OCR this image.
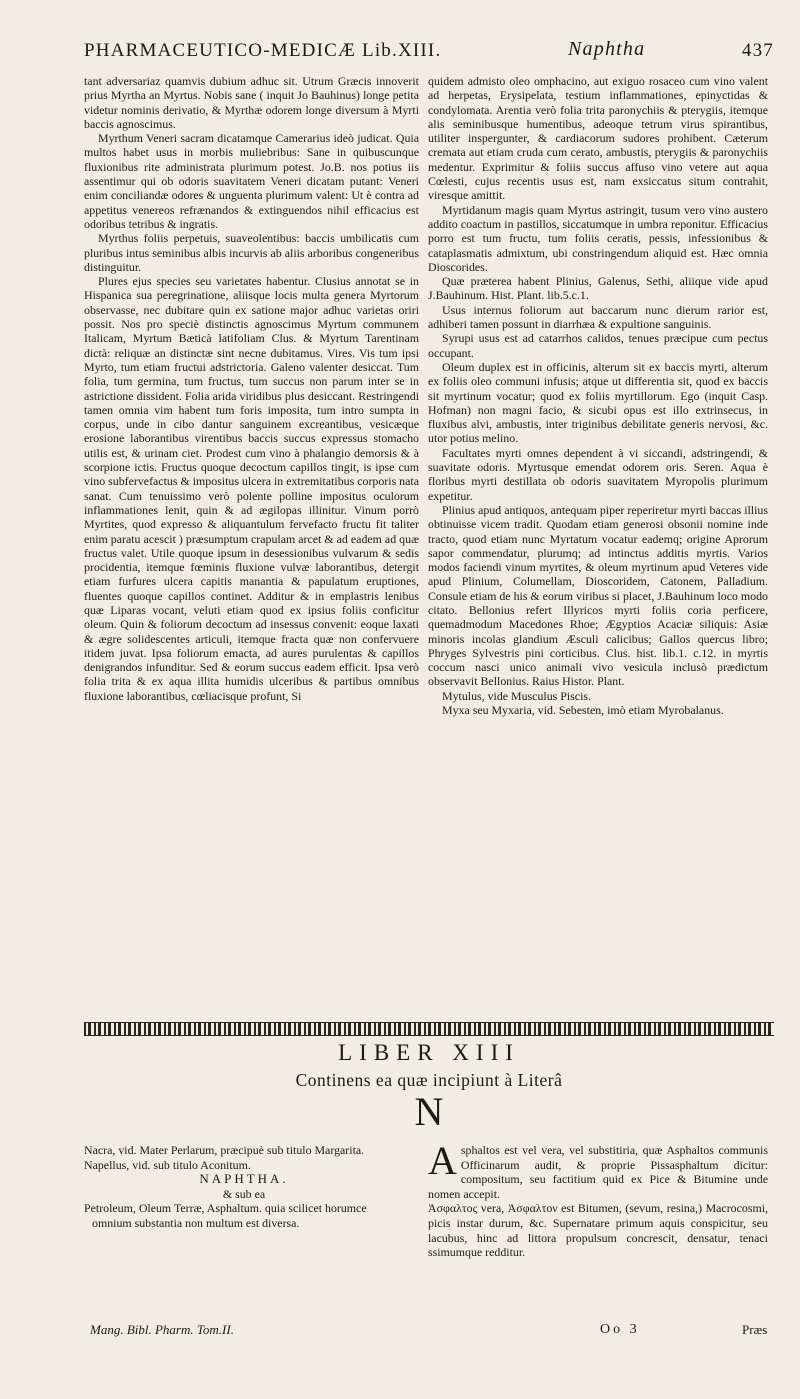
PHARMACEUTICO-MEDICÆ Lib.XIII.	Naphtha	437

tant adversariaz quamvis dubium adhuc sit. Utrum Græcis innoverit prius Myrtha an Myrtus. Nobis sane ( inquit Jo Bauhinus) longe petita videtur nominis derivatio, & Myrthæ odorem longe diversum à Myrti baccis agnoscimus.

Myrthum Veneri sacram dicatamque Camerarius ideò judicat. Quia multos habet usus in morbis muliebribus: Sane in quibuscunque fluxionibus rite administrata plurimum potest. Jo.B. nos potius iis assentimur qui ob odoris suavitatem Veneri dicatam putant: Veneri enim conciliandæ odores & unguenta plurimum valent: Ut è contra ad appetitus venereos refrænandos & extinguendos nihil efficacius est odoribus tetribus & ingratis.

Myrthus foliis perpetuis, suaveolentibus: baccis umbilicatis cum pluribus intus seminibus albis incurvis ab aliis arboribus congeneribus distinguitur.

Plures ejus species seu varietates habentur. Clusius annotat se in Hispanica sua peregrinatione, aliisque locis multa genera Myrtorum observasse, nec dubitare quin ex satione major adhuc varietas oriri possit. Nos pro speciè distinctis agnoscimus Myrtum communem Italicam, Myrtum Bæticà latifoliam Clus. & Myrtum Tarentinam dictà: reliquæ an distinctæ sint necne dubitamus. Vires. Vis tum ipsi Myrto, tum etiam fructui adstrictoria. Galeno valenter desiccat. Tum folia, tum germina, tum fructus, tum succus non parum inter se in astrictione dissident. Folia arida viridibus plus desiccant. Restringendi tamen omnia vim habent tum foris imposita, tum intro sumpta in corpus, unde in cibo dantur sanguinem excreantibus, vesicæque erosione laborantibus virentibus baccis succus expressus stomacho utilis est, & urinam ciet. Prodest cum vino à phalangio demorsis & à scorpione ictis. Fructus quoque decoctum capillos tingit, is ipse cum vino subfervefactus & impositus ulcera in extremitatibus corporis nata sanat. Cum tenuissimo verò polente polline impositus oculorum inflammationes lenit, quin & ad ægilopas illinitur. Vinum porrò Myrtites, quod expresso & aliquantulum fervefacto fructu fit taliter enim paratu acescit ) præsumptum crapulam arcet & ad eadem ad quæ fructus valet. Utile quoque ipsum in desessionibus vulvarum & sedis procidentia, itemque fœminis fluxione vulvæ laborantibus, detergit etiam furfures ulcera capitis manantia & papulatum eruptiones, fluentes quoque capillos continet. Additur & in emplastris lenibus quæ Liparas vocant, veluti etiam quod ex ipsius foliis conficitur oleum. Quin & foliorum decoctum ad insessus convenit: eoque laxati & ægre solidescentes articuli, itemque fracta quæ non confervuere itidem juvat. Ipsa foliorum emacta, ad aures purulentas & capillos denigrandos infunditur. Sed & eorum succus eadem efficit. Ipsa verò folia trita & ex aqua illita humidis ulceribus & partibus omnibus fluxione laborantibus, cœliacisque profunt, Si

quidem admisto oleo omphacino, aut exiguo rosaceo cum vino valent ad herpetas, Erysipelata, testium inflammationes, epinyctidas & condylomata. Arentia verò folia trita paronychiis & pterygiis, itemque alis seminibusque humentibus, adeoque tetrum virus spirantibus, utiliter inspergunter, & cardiacorum sudores prohibent. Cæterum cremata aut etiam cruda cum cerato, ambustis, pterygiis & paronychiis medentur. Exprimitur & foliis succus affuso vino vetere aut aqua Cœlesti, cujus recentis usus est, nam exsiccatus situm contrahit, viresque amittit.

Myrtidanum magis quam Myrtus astringit, tusum vero vino austero addito coactum in pastillos, siccatumque in umbra reponitur. Efficacius porro est tum fructu, tum foliis ceratis, pessis, infessionibus & cataplasmatis admixtum, ubi constringendum aliquid est. Hæc omnia Dioscorides.

Quæ præterea habent Plinius, Galenus, Sethi, aliique vide apud J.Bauhinum. Hist. Plant. lib.5.c.1.

Usus internus foliorum aut baccarum nunc dierum rarior est, adhiberi tamen possunt in diarrhæa & expultione sanguinis.

Syrupi usus est ad catarrhos calidos, tenues præcipue cum pectus occupant.

Oleum duplex est in officinis, alterum sit ex baccis myrti, alterum ex foliis oleo communi infusis; atque ut differentia sit, quod ex baccis sit myrtinum vocatur; quod ex foliis myrtillorum. Ego (inquit Casp. Hofman) non magni facio, & sicubi opus est illo extrinsecus, in fluxibus alvi, ambustis, inter triginibus debilitate generis nervosi, &c. utor potius melino.

Facultates myrti omnes dependent à vi siccandi, adstringendi, & suavitate odoris. Myrtusque emendat odorem oris. Seren. Aqua è floribus myrti destillata ob odoris suavitatem Myropolis plurimum expetitur.

Plinius apud antiquos, antequam piper reperiretur myrti baccas illius obtinuisse vicem tradit. Quodam etiam generosi obsonii nomine inde tracto, quod etiam nunc Myrtatum vocatur eademq; origine Aprorum sapor commendatur, plurumq; ad intinctus additis myrtis. Varios modos faciendi vinum myrtites, & oleum myrtinum apud Veteres vide apud Plinium, Columellam, Dioscoridem, Catonem, Palladium. Consule etiam de his & eorum viribus si placet, J.Bauhinum loco modo citato. Bellonius refert Illyricos myrti foliis coria perficere, quemadmodum Macedones Rhoe; Ægyptios Acaciæ siliquis: Asiæ minoris incolas glandium Æsculi calicibus; Gallos quercus libro; Phryges Sylvestris pini corticibus. Clus. hist. lib.1. c.12. in myrtis coccum nasci unico animali vivo vesicula inclusò prædictum observavit Bellonius. Raius Histor. Plant.

Mytulus, vide Musculus Piscis.

Myxa seu Myxaria, vid. Sebesten, imò etiam Myrobalanus.

LIBER XIII
Continens ea quæ incipiunt à Literâ
N

Nacra, vid. Mater Perlarum, præcipuè sub titulo Margarita.

Napellus, vid. sub titulo Aconitum.

NAPHTHA.

& sub ea

Petroleum, Oleum Terræ, Asphaltum. quia scilicet horumce omnium substantia non multum est diversa.

Asphaltos est vel vera, vel substitiria, quæ Asphaltos communis Officinarum audit, & proprie Pissasphaltum dicitur: compositum, seu factitium quid ex Pice & Bitumine unde nomen accepit.

Ἀσφαλτος vera, Ἀσφαλτον est Bitumen, (sevum, resina,) Macrocosmi, picis instar durum, &c. Supernatare primum aquis conspicitur, seu lacubus, hinc ad littora propulsum concrescit, densatur, tenaci ssimumque redditur.

Mang. Bibl. Pharm. Tom.II.	Oo 3	Præs
